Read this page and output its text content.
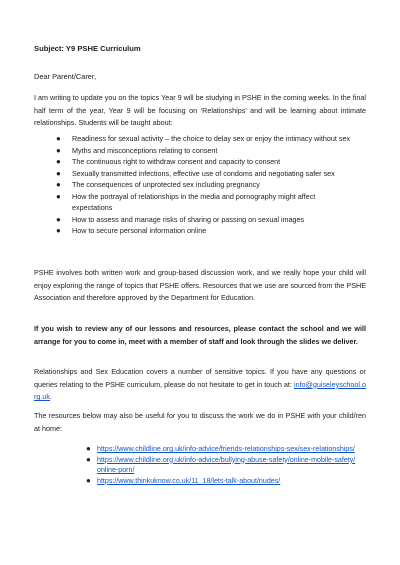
Subject: Y9 PSHE Curriculum

Dear Parent/Carer,

I am writing to update you on the topics Year 9 will be studying in PSHE in the coming weeks. In the final half term of the year, Year 9 will be focusing on ‘Relationships’ and will be learning about intimate relationships. Students will be taught about:

● Readiness for sexual activity – the choice to delay sex or enjoy the intimacy without sex
● Myths and misconceptions relating to consent
● The continuous right to withdraw consent and capacity to consent
● Sexually transmitted infections, effective use of condoms and negotiating safer sex
● The consequences of unprotected sex including pregnancy
● How the portrayal of relationships in the media and pornography might affect expectations
● How to assess and manage risks of sharing or passing on sexual images
● How to secure personal information online

PSHE involves both written work and group-based discussion work, and we really hope your child will enjoy exploring the range of topics that PSHE offers. Resources that we use are sourced from the PSHE Association and therefore approved by the Department for Education.

If you wish to review any of our lessons and resources, please contact the school and we will arrange for you to come in, meet with a member of staff and look through the slides we deliver.

Relationships and Sex Education covers a number of sensitive topics. If you have any questions or queries relating to the PSHE curriculum, please do not hesitate to get in touch at: info@guiseleyschool.org.uk.

The resources below may also be useful for you to discuss the work we do in PSHE with your child/ren at home:

● https://www.childline.org.uk/info-advice/friends-relationships-sex/sex-relationships/
● https://www.childline.org.uk/info-advice/bullying-abuse-safety/online-mobile-safety/online-porn/
● https://www.thinkuknow.co.uk/11_18/lets-talk-about/nudes/
